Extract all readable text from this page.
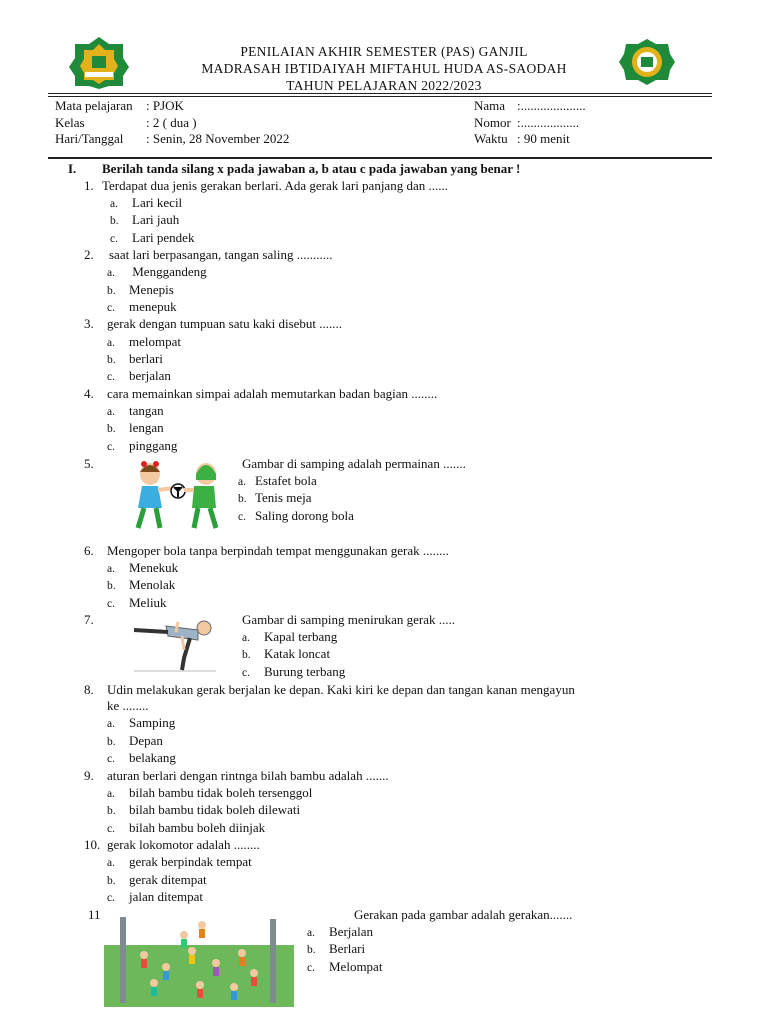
PENILAIAN AKHIR SEMESTER (PAS) GANJIL
MADRASAH IBTIDAIYAH MIFTAHUL HUDA AS-SAODAH
TAHUN PELAJARAN 2022/2023
Mata pelajaran : PJOK
Kelas	: 2 ( dua )
Hari/Tanggal : Senin, 28 November 2022
Nama :....................
Nomor :..................
Waktu : 90 menit
I. Berilah tanda silang x pada jawaban a, b atau c pada jawaban yang benar !
1. Terdapat dua jenis gerakan berlari. Ada gerak lari panjang dan ......
a. Lari kecil
b. Lari jauh
c. Lari pendek
2. saat lari berpasangan, tangan saling ...........
a. Menggandeng
b. Menepis
c. menepuk
3. gerak dengan tumpuan satu kaki disebut .......
a. melompat
b. berlari
c. berjalan
4. cara memainkan simpai adalah memutarkan badan bagian ........
a. tangan
b. lengan
c. pinggang
5.	Gambar di samping adalah permainan .......
a. Estafet bola
b. Tenis meja
c. Saling dorong bola
6. Mengoper bola tanpa berpindah tempat menggunakan gerak ........
a. Menekuk
b. Menolak
c. Meliuk
7.	Gambar di samping menirukan gerak .....
a. Kapal terbang
b. Katak loncat
c. Burung terbang
8. Udin melakukan gerak berjalan ke depan. Kaki kiri ke depan dan tangan kanan mengayun
ke ........
a. Samping
b. Depan
c. belakang
9. aturan berlari dengan rintnga bilah bambu adalah .......
a. bilah bambu tidak boleh tersenggol
b. bilah bambu tidak boleh dilewati
c. bilah bambu boleh diinjak
10. gerak lokomotor adalah ........
a. gerak berpindak tempat
b. gerak ditempat
c. jalan ditempat
11	Gerakan pada gambar adalah gerakan.......
a. Berjalan
b. Berlari
c. Melompat
